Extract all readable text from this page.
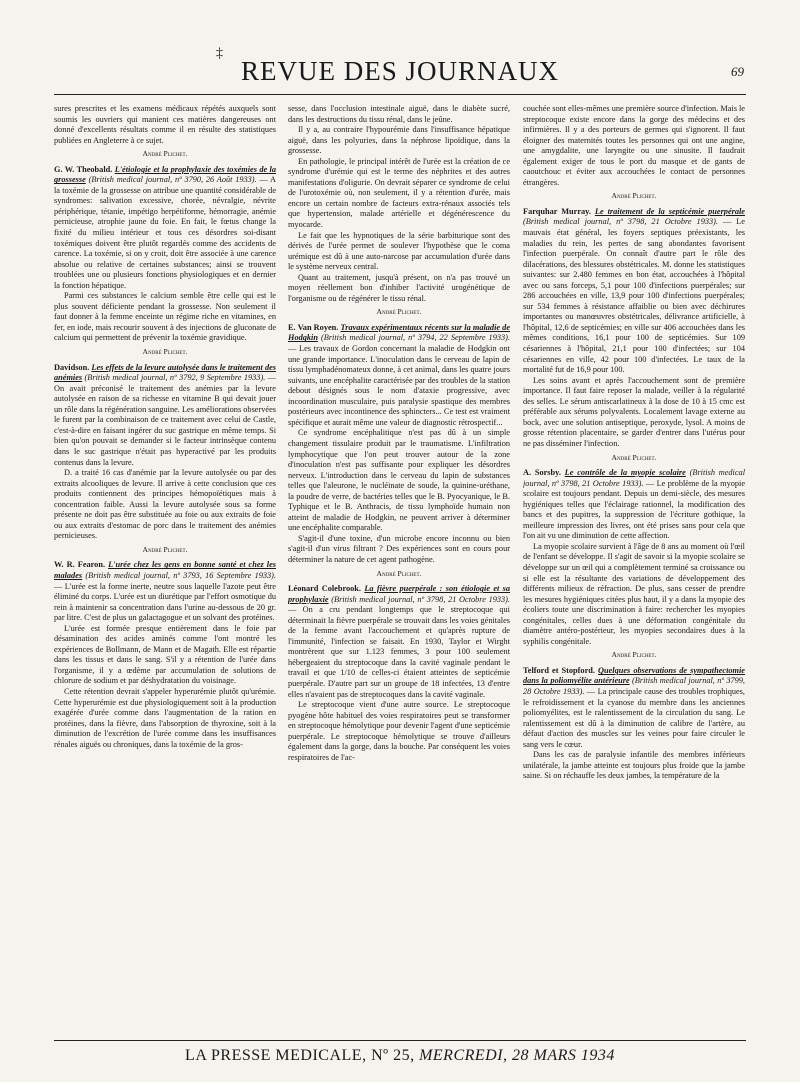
‡
REVUE DES JOURNAUX	69

sures prescrites et les examens médicaux répétés auxquels sont soumis les ouvriers qui manient ces matières dangereuses ont donné d'excellents résultats comme il en résulte des statistiques publiées en Angleterre à ce sujet.

André Plichet.

G. W. Theobald. L'étiologie et la prophylaxie des toxémies de la grossesse (British medical journal, nº 3790, 26 Août 1933). — A la toxémie de la grossesse on attribue une quantité considérable de syndromes: salivation excessive, chorée, névralgie, névrite périphérique, tétanie, impétigo herpétiforme, hémorragie, anémie pernicieuse, atrophie jaune du foie. En fait, le fœtus change la fixité du milieu intérieur et tous ces désordres soi-disant toxémiques doivent être plutôt regardés comme des accidents de carence. La toxémie, si on y croit, doit être associée à une carence absolue ou relative de certaines substances; ainsi se trouvent troublées une ou plusieurs fonctions physiologiques et en dernier la fonction hépatique.

Parmi ces substances le calcium semble être celle qui est le plus souvent déficiente pendant la grossesse. Non seulement il faut donner à la femme enceinte un régime riche en vitamines, en fer, en iode, mais recourir souvent à des injections de gluconate de calcium qui permettent de prévenir la toxémie gravidique.

André Plichet.

Davidson. Les effets de la levure autolysée dans le traitement des anémies (British medical journal, nº 3792, 9 Septembre 1933). — On avait préconisé le traitement des anémies par la levure autolysée en raison de sa richesse en vitamine B qui devait jouer un rôle dans la régénération sanguine. Les améliorations observées le furent par la combinaison de ce traitement avec celui de Castle, c'est-à-dire en faisant ingérer du suc gastrique en même temps. Si bien qu'on pouvait se demander si le facteur intrinsèque contenu dans le suc gastrique n'était pas hyperactivé par les produits contenus dans la levure.

D. a traité 16 cas d'anémie par la levure autolysée ou par des extraits alcooliques de levure. Il arrive à cette conclusion que ces produits contiennent des principes hémopoïétiques mais à concentration faible. Aussi la levure autolysée sous sa forme présente ne doit pas être substituée au foie ou aux extraits de foie ou aux extraits d'estomac de porc dans le traitement des anémies pernicieuses.

André Plichet.

W. R. Fearon. L'urée chez les gens en bonne santé et chez les malades (British medical journal, nº 3793, 16 Septembre 1933). — L'urée est la forme inerte, neutre sous laquelle l'azote peut être éliminé du corps. L'urée est un diurétique par l'effort osmotique du rein à maintenir sa concentration dans l'urine au-dessous de 20 gr. par litre. C'est de plus un galactagogue et un solvant des protéines.

L'urée est formée presque entièrement dans le foie par désamination des acides aminés comme l'ont montré les expériences de Bollmann, de Mann et de Magath. Elle est répartie dans les tissus et dans le sang. S'il y a rétention de l'urée dans l'organisme, il y a œdème par accumulation de solutions de chlorure de sodium et par déshydratation du voisinage.

Cette rétention devrait s'appeler hyperurémie plutôt qu'urémie. Cette hyperurémie est due physiologiquement soit à la production exagérée d'urée comme dans l'augmentation de la ration en protéines, dans la fièvre, dans l'absorption de thyroxine, soit à la diminution de l'excrétion de l'urée comme dans les insuffisances rénales aiguës ou chroniques, dans la toxémie de la gros-

sesse, dans l'occlusion intestinale aiguë, dans le diabète sucré, dans les destructions du tissu rénal, dans le jeûne.

Il y a, au contraire l'hypourémie dans l'insuffisance hépatique aiguë, dans les polyuries, dans la néphrose lipoïdique, dans la grossesse.

En pathologie, le principal intérêt de l'urée est la création de ce syndrome d'urémie qui est le terme des néphrites et des autres manifestations d'oligurie. On devrait séparer ce syndrome de celui de l'urotoxémie où, non seulement, il y a rétention d'urée, mais encore un certain nombre de facteurs extra-rénaux associés tels que hypertension, malade artérielle et dégénérescence du myocarde.

Le fait que les hypnotiques de la série barbiturique sont des dérivés de l'urée permet de soulever l'hypothèse que le coma urémique est dû à une auto-narcose par accumulation d'urée dans le système nerveux central.

Quant au traitement, jusqu'à présent, on n'a pas trouvé un moyen réellement bon d'inhiber l'activité urogénétique de l'organisme ou de régénérer le tissu rénal.

André Plichet.

E. Van Royen. Travaux expérimentaux récents sur la maladie de Hodgkin (British medical journal, nº 3794, 22 Septembre 1933). — Les travaux de Gordon concernant la maladie de Hodgkin ont une grande importance. L'inoculation dans le cerveau de lapin de tissu lymphadénomateux donne, à cet animal, dans les quatre jours suivants, une encéphalite caractérisée par des troubles de la station debout désignés sous le nom d'ataxie progressive, avec incoordination musculaire, puis paralysie spastique des membres postérieurs avec incontinence des sphincters... Ce test est vraiment spécifique et aurait même une valeur de diagnostic rétrospectif...

Ce syndrome encéphalitique n'est pas dû à un simple changement tissulaire produit par le traumatisme. L'infiltration lymphocytique que l'on peut trouver autour de la zone d'inoculation n'est pas suffisante pour expliquer les désordres nerveux. L'introduction dans le cerveau du lapin de substances telles que l'aleurone, le nucléinate de soude, la quinine-uréthane, la poudre de verre, de bactéries telles que le B. Pyocyanique, le B. Typhique et le B. Anthracis, de tissu lymphoïde humain non atteint de maladie de Hodgkin, ne peuvent arriver à déterminer une encéphalite comparable.

S'agit-il d'une toxine, d'un microbe encore inconnu ou bien s'agit-il d'un virus filtrant ? Des expériences sont en cours pour déterminer la nature de cet agent pathogène.

André Plichet.

Léonard Colebrook. La fièvre puerpérale : son étiologie et sa prophylaxie (British medical journal, nº 3798, 21 Octobre 1933). — On a cru pendant longtemps que le streptocoque qui déterminait la fièvre puerpérale se trouvait dans les voies génitales de la femme avant l'accouchement et qu'après rupture de l'immunité, l'infection se faisait. En 1930, Taylor et Wirght montrèrent que sur 1.123 femmes, 3 pour 100 seulement hébergeaient du streptocoque dans la cavité vaginale pendant le travail et que 1/10 de celles-ci étaient atteintes de septicémie puerpérale. D'autre part sur un groupe de 18 infectées, 13 d'entre elles n'avaient pas de streptocoques dans la cavité vaginale.

Le streptocoque vient d'une autre source. Le streptocoque pyogène hôte habituel des voies respiratoires peut se transformer en streptocoque hémolytique pour devenir l'agent d'une septicémie puerpérale. Le streptocoque hémolytique se trouve d'ailleurs également dans la gorge, dans la bouche. Par conséquent les voies respiratoires de l'ac-

couchée sont elles-mêmes une première source d'infection. Mais le streptocoque existe encore dans la gorge des médecins et des infirmières. Il y a des porteurs de germes qui s'ignorent. Il faut éloigner des maternités toutes les personnes qui ont une angine, une amygdalite, une laryngite ou une sinusite. Il faudrait également exiger de tous le port du masque et de gants de caoutchouc et éviter aux accouchées le contact de personnes étrangères.

André Plichet.

Farquhar Murray. Le traitement de la septicémie puerpérale (British medical journal, nº 3798, 21 Octobre 1933). — Le mauvais état général, les foyers septiques préexistants, les maladies du rein, les pertes de sang abondantes favorisent l'infection puerpérale. On connaît d'autre part le rôle des dilacérations, des blessures obstétricales. M. donne les statistiques suivantes: sur 2.480 femmes en bon état, accouchées à l'hôpital avec ou sans forceps, 5,1 pour 100 d'infections puerpérales; sur 286 accouchées en ville, 13,9 pour 100 d'infections puerpérales; sur 534 femmes à résistance affaiblie ou bien avec déchirures importantes ou manœuvres obstétricales, délivrance artificielle, à l'hôpital, 12,6 de septicémies; en ville sur 406 accouchées dans les mêmes conditions, 16,1 pour 100 de septicémies. Sur 109 césariennes à l'hôpital, 21,1 pour 100 d'infectées; sur 104 césariennes en ville, 42 pour 100 d'infectées. Le taux de la mortalité fut de 16,9 pour 100.

Les soins avant et après l'accouchement sont de première importance. Il faut faire reposer la malade, veiller à la régularité des selles. Le sérum antiscarlatineux à la dose de 10 à 15 cmc est préférable aux sérums polyvalents. Localement lavage externe au bock, avec une solution antiseptique, peroxyde, lysol. A moins de grosse rétention placentaire, se garder d'entrer dans l'utérus pour ne pas disséminer l'infection.

André Plichet.

A. Sorsby. Le contrôle de la myopie scolaire (British medical journal, nº 3798, 21 Octobre 1933). — Le problème de la myopie scolaire est toujours pendant. Depuis un demi-siècle, des mesures hygiéniques telles que l'éclairage rationnel, la modification des bancs et des pupitres, la suppression de l'écriture gothique, la meilleure impression des livres, ont été prises sans pour cela que l'on ait vu une diminution de cette affection.

La myopie scolaire survient à l'âge de 8 ans au moment où l'œil de l'enfant se développe. Il s'agit de savoir si la myopie scolaire se développe sur un œil qui a complètement terminé sa croissance ou si elle est la résultante des variations de développement des différents milieux de réfraction. De plus, sans cesser de prendre les mesures hygiéniques citées plus haut, il y a dans la myopie des écoliers toute une discrimination à faire: rechercher les myopies congénitales, celles dues à une déformation congénitale du diamètre antéro-postérieur, les myopies secondaires dues à la syphilis congénitale.

André Plichet.

Telford et Stopford. Quelques observations de sympathectomie dans la poliomyélite antérieure (British medical journal, nº 3799, 28 Octobre 1933). — La principale cause des troubles trophiques, le refroidissement et la cyanose du membre dans les anciennes poliomyélites, est le ralentissement de la circulation du sang. Le ralentissement est dû à la diminution de calibre de l'artère, au défaut d'action des muscles sur les veines pour faire circuler le sang vers le cœur.

Dans les cas de paralysie infantile des membres inférieurs unilatérale, la jambe atteinte est toujours plus froide que la jambe saine. Si on réchauffe les deux jambes, la température de la

LA PRESSE MEDICALE, Nº 25, MERCREDI, 28 MARS 1934
